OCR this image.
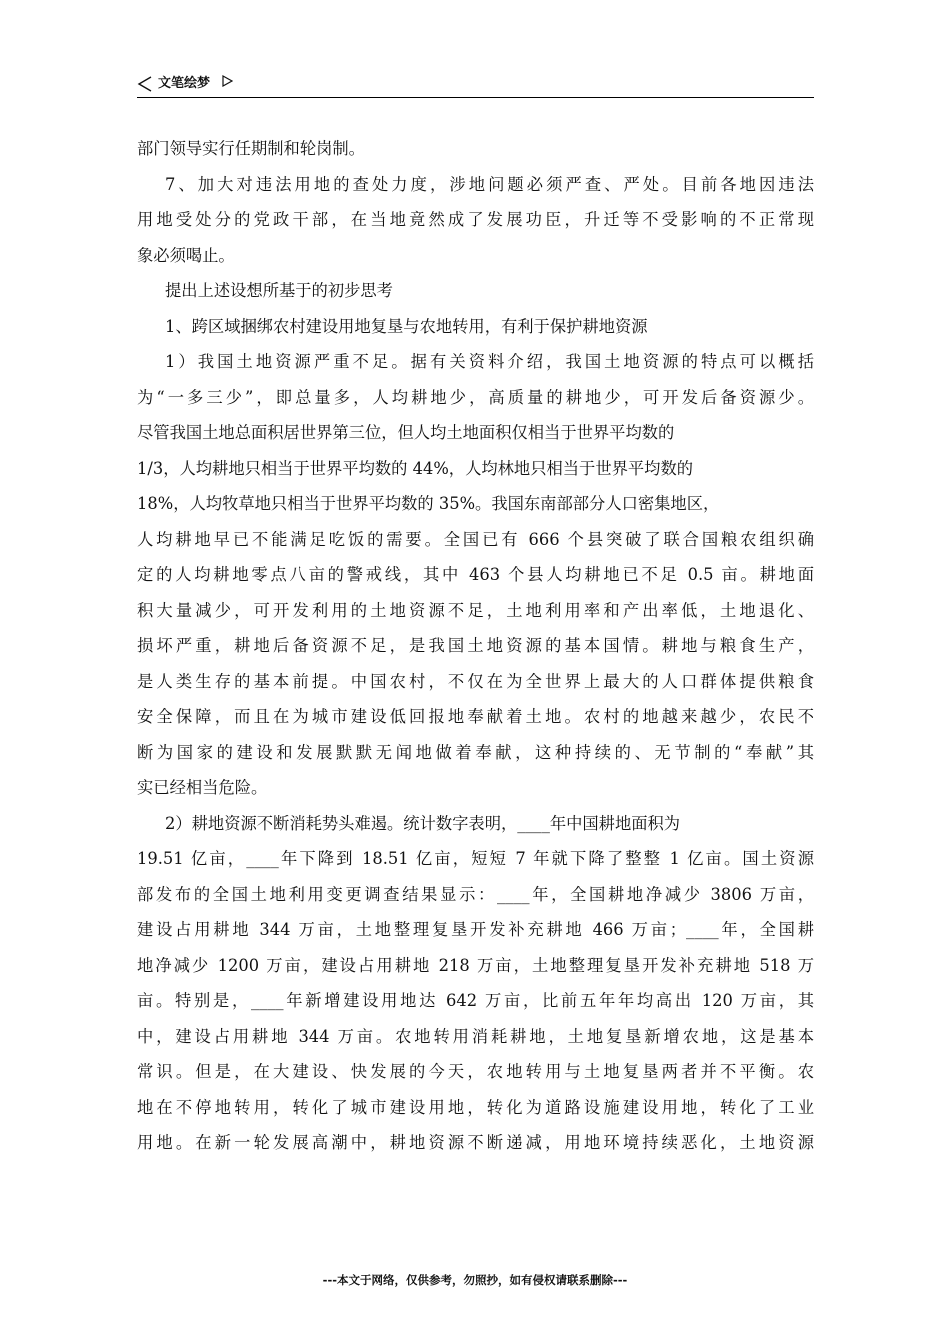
文笔绘梦
部门领导实行任期制和轮岗制。
7、加大对违法用地的查处力度，涉地问题必须严查、严处。目前各地因违法
用地受处分的党政干部，在当地竟然成了发展功臣，升迁等不受影响的不正常现
象必须喝止。
提出上述设想所基于的初步思考
1、跨区域捆绑农村建设用地复垦与农地转用，有利于保护耕地资源
1）我国土地资源严重不足。据有关资料介绍，我国土地资源的特点可以概括
为“一多三少”，即总量多，人均耕地少，高质量的耕地少，可开发后备资源少。
尽管我国土地总面积居世界第三位，但人均土地面积仅相当于世界平均数的
1/3，人均耕地只相当于世界平均数的 44%，人均林地只相当于世界平均数的
18%，人均牧草地只相当于世界平均数的 35%。我国东南部部分人口密集地区，
人均耕地早已不能满足吃饭的需要。全国已有 666 个县突破了联合国粮农组织确
定的人均耕地零点八亩的警戒线，其中 463 个县人均耕地已不足 0.5 亩。耕地面
积大量减少，可开发利用的土地资源不足，土地利用率和产出率低，土地退化、
损坏严重，耕地后备资源不足，是我国土地资源的基本国情。耕地与粮食生产，
是人类生存的基本前提。中国农村，不仅在为全世界上最大的人口群体提供粮食
安全保障，而且在为城市建设低回报地奉献着土地。农村的地越来越少，农民不
断为国家的建设和发展默默无闻地做着奉献，这种持续的、无节制的“奉献”其
实已经相当危险。
2）耕地资源不断消耗势头难遏。统计数字表明，____年中国耕地面积为
19.51 亿亩，____年下降到 18.51 亿亩，短短 7 年就下降了整整 1 亿亩。国土资源
部发布的全国土地利用变更调查结果显示：____年，全国耕地净减少 3806 万亩，
建设占用耕地 344 万亩，土地整理复垦开发补充耕地 466 万亩；____年，全国耕
地净减少 1200 万亩，建设占用耕地 218 万亩，土地整理复垦开发补充耕地 518 万
亩。特别是，____年新增建设用地达 642 万亩，比前五年年均高出 120 万亩，其
中，建设占用耕地 344 万亩。农地转用消耗耕地，土地复垦新增农地，这是基本
常识。但是，在大建设、快发展的今天，农地转用与土地复垦两者并不平衡。农
地在不停地转用，转化了城市建设用地，转化为道路设施建设用地，转化了工业
用地。在新一轮发展高潮中，耕地资源不断递减，用地环境持续恶化，土地资源
---本文于网络，仅供参考，勿照抄，如有侵权请联系删除---
